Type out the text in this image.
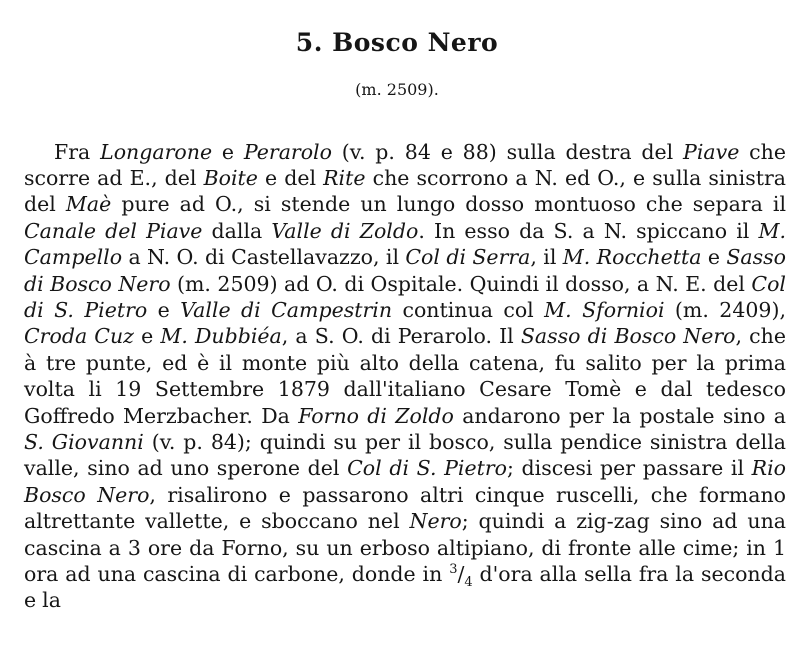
5. Bosco Nero
(m. 2509).

Fra Longarone e Perarolo (v. p. 84 e 88) sulla destra del Piave che scorre ad E., del Boite e del Rite che scorrono a N. ed O., e sulla sinistra del Maè pure ad O., si stende un lungo dosso montuoso che separa il Canale del Piave dalla Valle di Zoldo. In esso da S. a N. spiccano il M. Campello a N. O. di Castellavazzo, il Col di Serra, il M. Rocchetta e Sasso di Bosco Nero (m. 2509) ad O. di Ospitale. Quindi il dosso, a N. E. del Col di S. Pietro e Valle di Campestrin continua col M. Sfornioi (m. 2409), Croda Cuz e M. Dubbiéa, a S. O. di Perarolo. Il Sasso di Bosco Nero, che à tre punte, ed è il monte più alto della catena, fu salito per la prima volta li 19 Settembre 1879 dall'italiano Cesare Tomè e dal tedesco Goffredo Merzbacher. Da Forno di Zoldo andarono per la postale sino a S. Giovanni (v. p. 84); quindi su per il bosco, sulla pendice sinistra della valle, sino ad uno sperone del Col di S. Pietro; discesi per passare il Rio Bosco Nero, risalirono e passarono altri cinque ruscelli, che formano altrettante vallette, e sboccano nel Nero; quindi a zig-zag sino ad una cascina a 3 ore da Forno, su un erboso altipiano, di fronte alle cime; in 1 ora ad una cascina di carbone, donde in $^3/_4$ d'ora alla sella fra la seconda e la
